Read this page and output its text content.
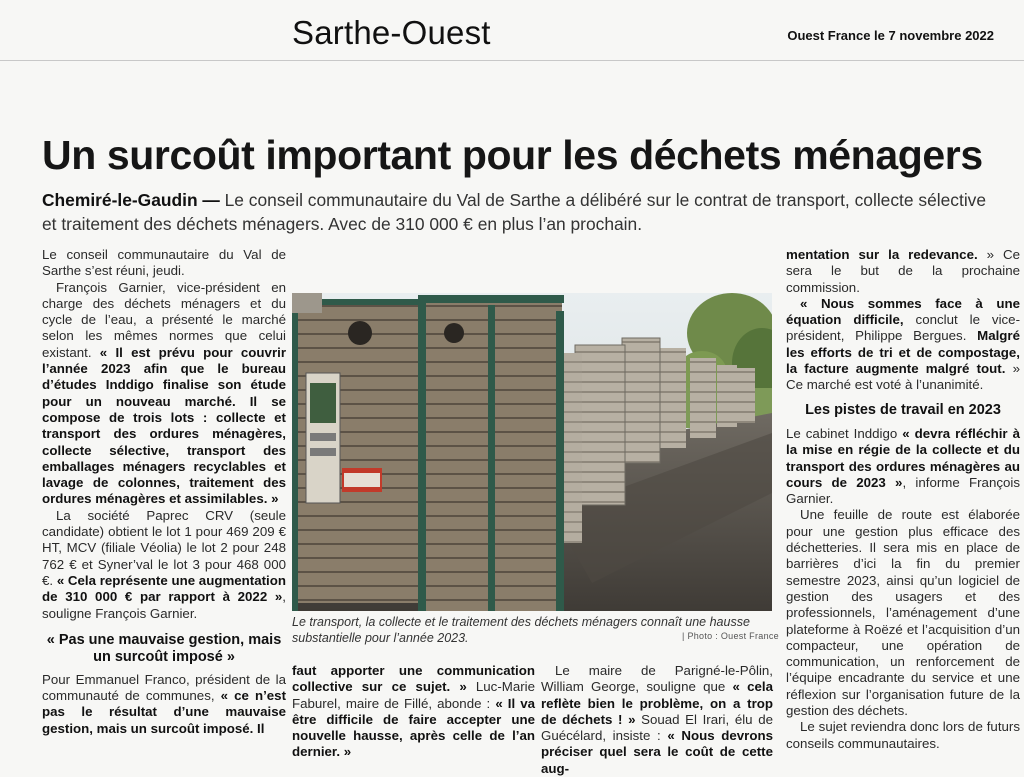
Sarthe-Ouest	Ouest France le 7 novembre 2022
Un surcoût important pour les déchets ménagers
Chemiré-le-Gaudin — Le conseil communautaire du Val de Sarthe a délibéré sur le contrat de transport, collecte sélective et traitement des déchets ménagers. Avec de 310 000 € en plus l’an prochain.

Le conseil communautaire du Val de Sarthe s’est réuni, jeudi.

François Garnier, vice-président en charge des déchets ménagers et du cycle de l’eau, a présenté le marché selon les mêmes normes que celui existant. « Il est prévu pour couvrir l’année 2023 afin que le bureau d’études Inddigo finalise son étude pour un nouveau marché. Il se compose de trois lots : collecte et transport des ordures ménagères, collecte sélective, transport des emballages ménagers recyclables et lavage de colonnes, traitement des ordures ménagères et assimilables. »

La société Paprec CRV (seule candidate) obtient le lot 1 pour 469 209 € HT, MCV (filiale Véolia) le lot 2 pour 248 762 € et Syner’val le lot 3 pour 468 000 €. « Cela représente une augmentation de 310 000 € par rapport à 2022 », souligne François Garnier.

« Pas une mauvaise gestion, mais un surcoût imposé »

Pour Emmanuel Franco, président de la communauté de communes, « ce n’est pas le résultat d’une mauvaise gestion, mais un surcoût imposé. Il

Le transport, la collecte et le traitement des déchets ménagers connaît une hausse substantielle pour l’année 2023.	| Photo : Ouest France

faut apporter une communication collective sur ce sujet. » Luc-Marie Faburel, maire de Fillé, abonde : « Il va être difficile de faire accepter une nouvelle hausse, après celle de l’an dernier. »

Le maire de Parigné-le-Pôlin, William George, souligne que « cela reflète bien le problème, on a trop de déchets ! » Souad El Irari, élu de Guécélard, insiste : « Nous devrons préciser quel sera le coût de cette aug-

mentation sur la redevance. » Ce sera le but de la prochaine commission.

« Nous sommes face à une équation difficile, conclut le vice-président, Philippe Bergues. Malgré les efforts de tri et de compostage, la facture augmente malgré tout. » Ce marché est voté à l’unanimité.

Les pistes de travail en 2023

Le cabinet Inddigo « devra réfléchir à la mise en régie de la collecte et du transport des ordures ménagères au cours de 2023 », informe François Garnier.

Une feuille de route est élaborée pour une gestion plus efficace des déchetteries. Il sera mis en place de barrières d’ici la fin du premier semestre 2023, ainsi qu’un logiciel de gestion des usagers et des professionnels, l’aménagement d’une plateforme à Roëzé et l’acquisition d’un compacteur, une opération de communication, un renforcement de l’équipe encadrante du service et une réflexion sur l’organisation future de la gestion des déchets.

Le sujet reviendra donc lors de futurs conseils communautaires.
